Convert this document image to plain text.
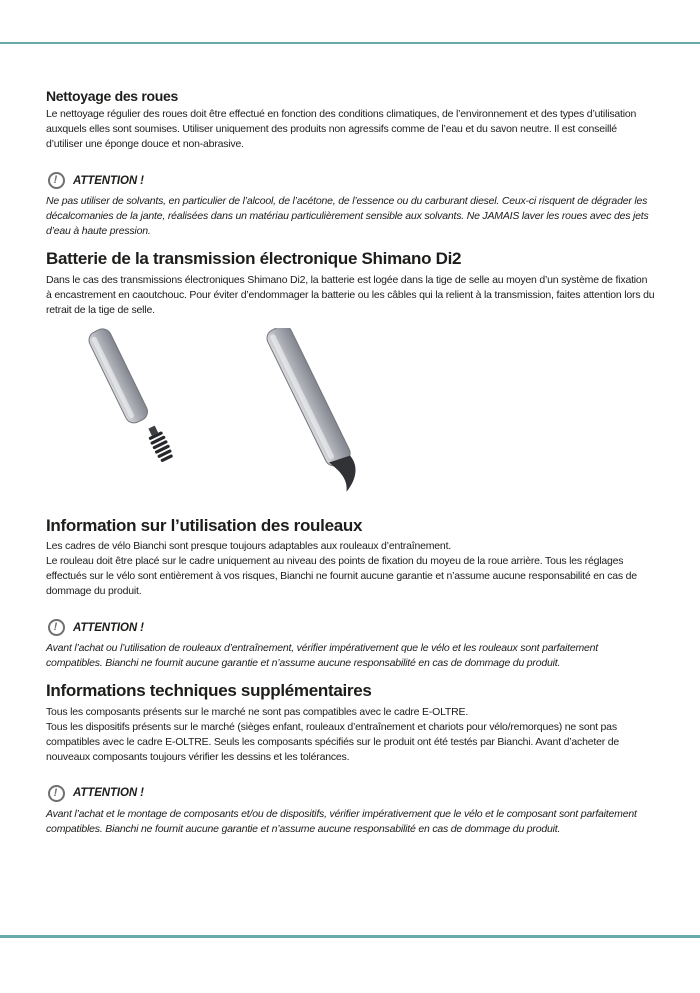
Nettoyage des roues

Le nettoyage régulier des roues doit être effectué en fonction des conditions climatiques, de l’environnement et des types d’utilisation auxquels elles sont soumises. Utiliser uniquement des produits non agressifs comme de l’eau et du savon neutre. Il est conseillé d’utiliser une éponge douce et non-abrasive.

! ATTENTION !

Ne pas utiliser de solvants, en particulier de l’alcool, de l’acétone, de l’essence ou du carburant diesel. Ceux-ci risquent de dégrader les décalcomanies de la jante, réalisées dans un matériau particulièrement sensible aux solvants. Ne JAMAIS laver les roues avec des jets d’eau à haute pression.

Batterie de la transmission électronique Shimano Di2

Dans le cas des transmissions électroniques Shimano Di2, la batterie est logée dans la tige de selle au moyen d’un système de fixation à encastrement en caoutchouc. Pour éviter d’endommager la batterie ou les câbles qui la relient à la transmission, faites attention lors du retrait de la tige de selle.

Information sur l’utilisation des rouleaux

Les cadres de vélo Bianchi sont presque toujours adaptables aux rouleaux d’entraînement.

Le rouleau doit être placé sur le cadre uniquement au niveau des points de fixation du moyeu de la roue arrière. Tous les réglages effectués sur le vélo sont entièrement à vos risques, Bianchi ne fournit aucune garantie et n’assume aucune responsabilité en cas de dommage du produit.

! ATTENTION !

Avant l’achat ou l’utilisation de rouleaux d’entraînement, vérifier impérativement que le vélo et les rouleaux sont parfaitement compatibles. Bianchi ne fournit aucune garantie et n’assume aucune responsabilité en cas de dommage du produit.

Informations techniques supplémentaires

Tous les composants présents sur le marché ne sont pas compatibles avec le cadre E-OLTRE.

Tous les dispositifs présents sur le marché (sièges enfant, rouleaux d’entraînement et chariots pour vélo/remorques) ne sont pas compatibles avec le cadre E-OLTRE. Seuls les composants spécifiés sur le produit ont été testés par Bianchi. Avant d’acheter de nouveaux composants toujours vérifier les dessins et les tolérances.

! ATTENTION !

Avant l’achat et le montage de composants et/ou de dispositifs, vérifier impérativement que le vélo et le composant sont parfaitement compatibles. Bianchi ne fournit aucune garantie et n’assume aucune responsabilité en cas de dommage du produit.
